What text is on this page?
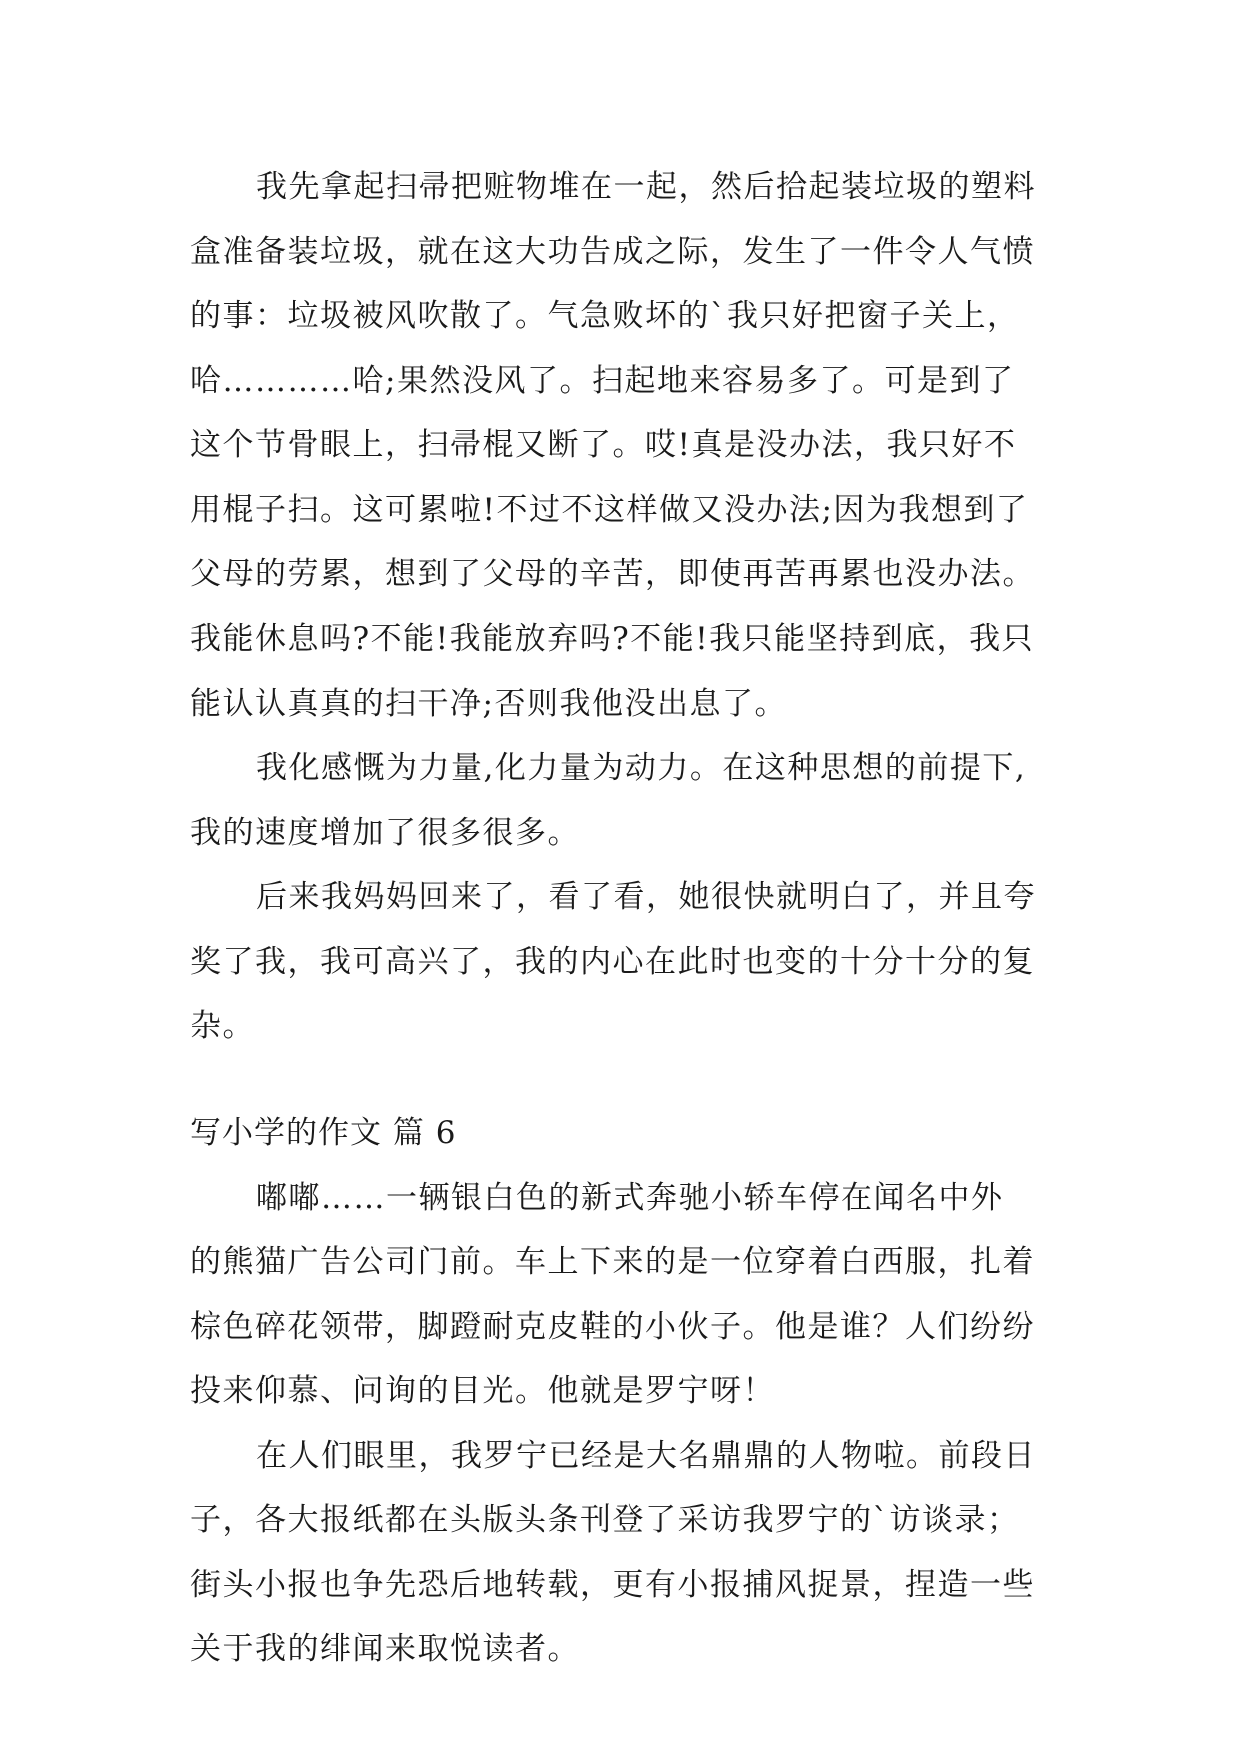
我先拿起扫帚把赃物堆在一起，然后拾起装垃圾的塑料
盒准备装垃圾，就在这大功告成之际，发生了一件令人气愤
的事：垃圾被风吹散了。气急败坏的`我只好把窗子关上，
哈…………哈;果然没风了。扫起地来容易多了。可是到了
这个节骨眼上，扫帚棍又断了。哎!真是没办法，我只好不
用棍子扫。这可累啦!不过不这样做又没办法;因为我想到了
父母的劳累，想到了父母的辛苦，即使再苦再累也没办法。
我能休息吗?不能!我能放弃吗?不能!我只能坚持到底，我只
能认认真真的扫干净;否则我他没出息了。
我化感慨为力量,化力量为动力。在这种思想的前提下,
我的速度增加了很多很多。
后来我妈妈回来了，看了看，她很快就明白了，并且夸
奖了我，我可高兴了，我的内心在此时也变的十分十分的复
杂。
写小学的作文 篇 6
嘟嘟……一辆银白色的新式奔驰小轿车停在闻名中外
的熊猫广告公司门前。车上下来的是一位穿着白西服，扎着
棕色碎花领带，脚蹬耐克皮鞋的小伙子。他是谁？人们纷纷
投来仰慕、问询的目光。他就是罗宁呀！
在人们眼里，我罗宁已经是大名鼎鼎的人物啦。前段日
子，各大报纸都在头版头条刊登了采访我罗宁的`访谈录；
街头小报也争先恐后地转载，更有小报捕风捉景，捏造一些
关于我的绯闻来取悦读者。
